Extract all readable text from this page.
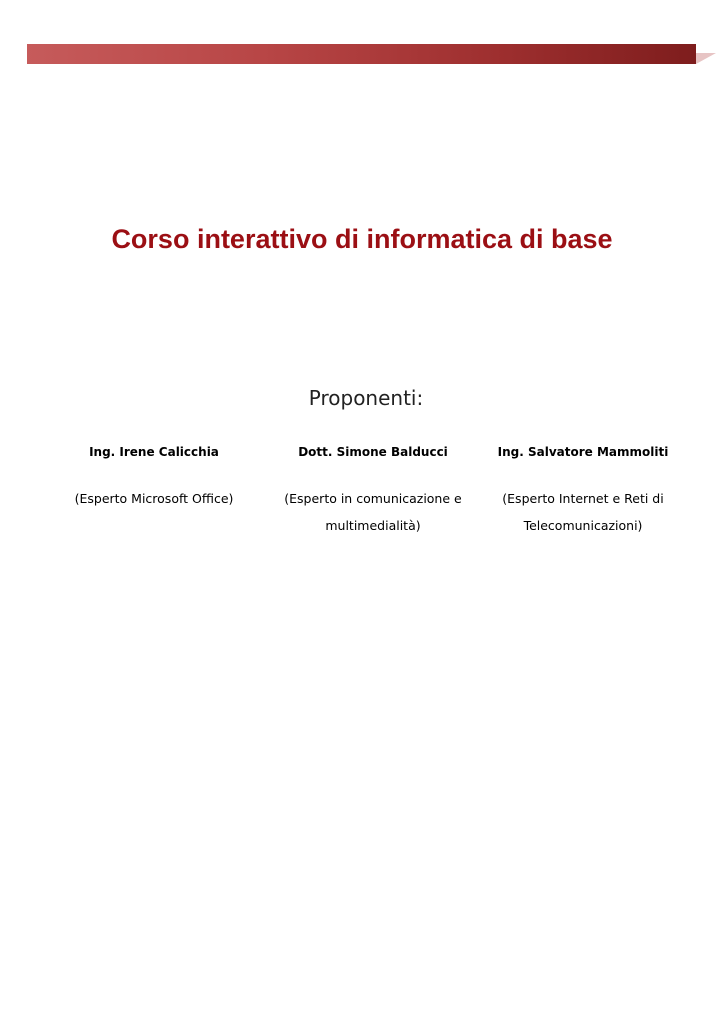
Corso interattivo di informatica di base
Proponenti:
Ing. Irene Calicchia
(Esperto Microsoft Office)
Dott. Simone Balducci
(Esperto in comunicazione e multimedialità)
Ing. Salvatore Mammoliti
(Esperto Internet e Reti di Telecomunicazioni)
